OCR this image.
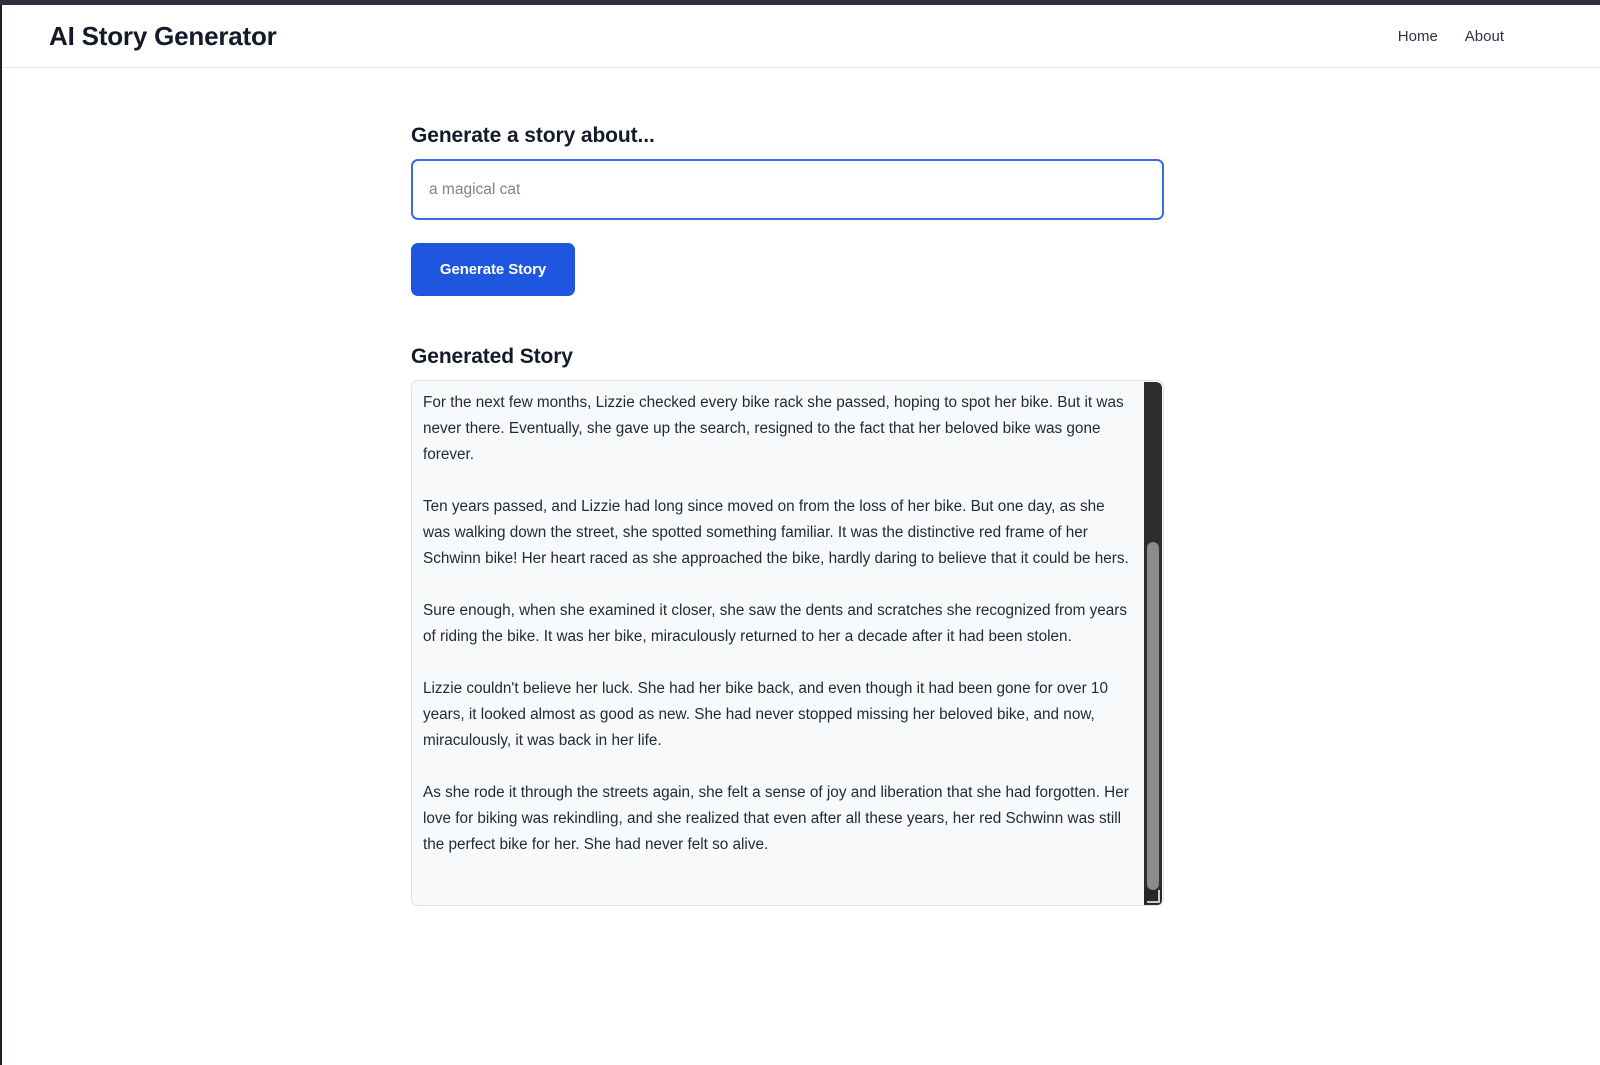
AI Story Generator	Home About
Generate a story about...
a magical cat
Generate Story
Generated Story

For the next few months, Lizzie checked every bike rack she passed, hoping to spot her bike. But it was never there. Eventually, she gave up the search, resigned to the fact that her beloved bike was gone forever.

Ten years passed, and Lizzie had long since moved on from the loss of her bike. But one day, as she was walking down the street, she spotted something familiar. It was the distinctive red frame of her Schwinn bike! Her heart raced as she approached the bike, hardly daring to believe that it could be hers.

Sure enough, when she examined it closer, she saw the dents and scratches she recognized from years of riding the bike. It was her bike, miraculously returned to her a decade after it had been stolen.

Lizzie couldn't believe her luck. She had her bike back, and even though it had been gone for over 10 years, it looked almost as good as new. She had never stopped missing her beloved bike, and now, miraculously, it was back in her life.

As she rode it through the streets again, she felt a sense of joy and liberation that she had forgotten. Her love for biking was rekindling, and she realized that even after all these years, her red Schwinn was still the perfect bike for her. She had never felt so alive.
